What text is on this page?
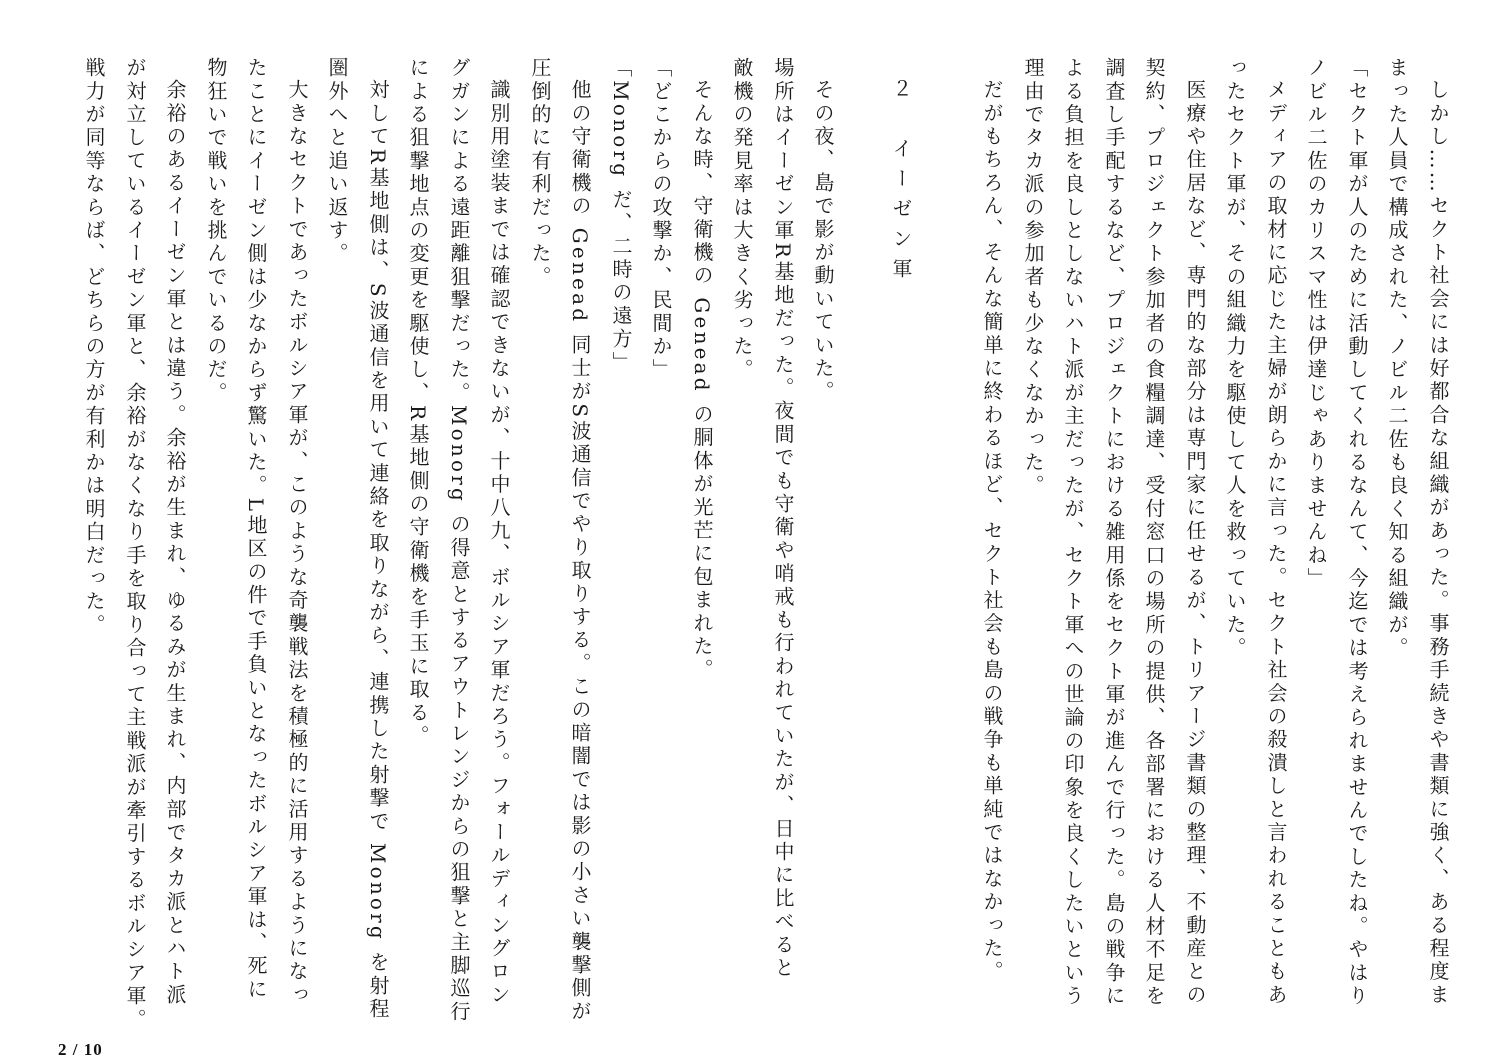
しかし……セクト社会には好都合な組織があった。事務手続きや書類に強く、ある程度ま
まった人員で構成された、ノビル二佐も良く知る組織が。
「セクト軍が人のために活動してくれるなんて、今迄では考えられませんでしたね。やはり
ノビル二佐のカリスマ性は伊達じゃありませんね」
メディアの取材に応じた主婦が朗らかに言った。セクト社会の殺潰しと言われることもあ
ったセクト軍が、その組織力を駆使して人を救っていた。
医療や住居など、専門的な部分は専門家に任せるが、トリアージ書類の整理、不動産との
契約、プロジェクト参加者の食糧調達、受付窓口の場所の提供、各部署における人材不足を
調査し手配するなど、プロジェクトにおける雑用係をセクト軍が進んで行った。島の戦争に
よる負担を良しとしないハト派が主だったが、セクト軍への世論の印象を良くしたいという
理由でタカ派の参加者も少なくなかった。
だがもちろん、そんな簡単に終わるほど、セクト社会も島の戦争も単純ではなかった。
２　イーゼン軍
その夜、島で影が動いていた。
場所はイーゼン軍R基地だった。夜間でも守衛や哨戒も行われていたが、日中に比べると
敵機の発見率は大きく劣った。
そんな時、守衛機の Genead の胴体が光芒に包まれた。
「どこからの攻撃か、民間か」
「Monorg だ、二時の遠方」
他の守衛機の Genead 同士がS波通信でやり取りする。この暗闇では影の小さい襲撃側が
圧倒的に有利だった。
識別用塗装までは確認できないが、十中八九、ボルシア軍だろう。フォールディングロン
グガンによる遠距離狙撃だった。Monorg の得意とするアウトレンジからの狙撃と主脚巡行
による狙撃地点の変更を駆使し、R基地側の守衛機を手玉に取る。
対してR基地側は、S波通信を用いて連絡を取りながら、連携した射撃で Monorg を射程
圏外へと追い返す。
大きなセクトであったボルシア軍が、このような奇襲戦法を積極的に活用するようになっ
たことにイーゼン側は少なからず驚いた。L地区の件で手負いとなったボルシア軍は、死に
物狂いで戦いを挑んでいるのだ。
余裕のあるイーゼン軍とは違う。余裕が生まれ、ゆるみが生まれ、内部でタカ派とハト派
が対立しているイーゼン軍と、余裕がなくなり手を取り合って主戦派が牽引するボルシア軍。
戦力が同等ならば、どちらの方が有利かは明白だった。
2 / 10
